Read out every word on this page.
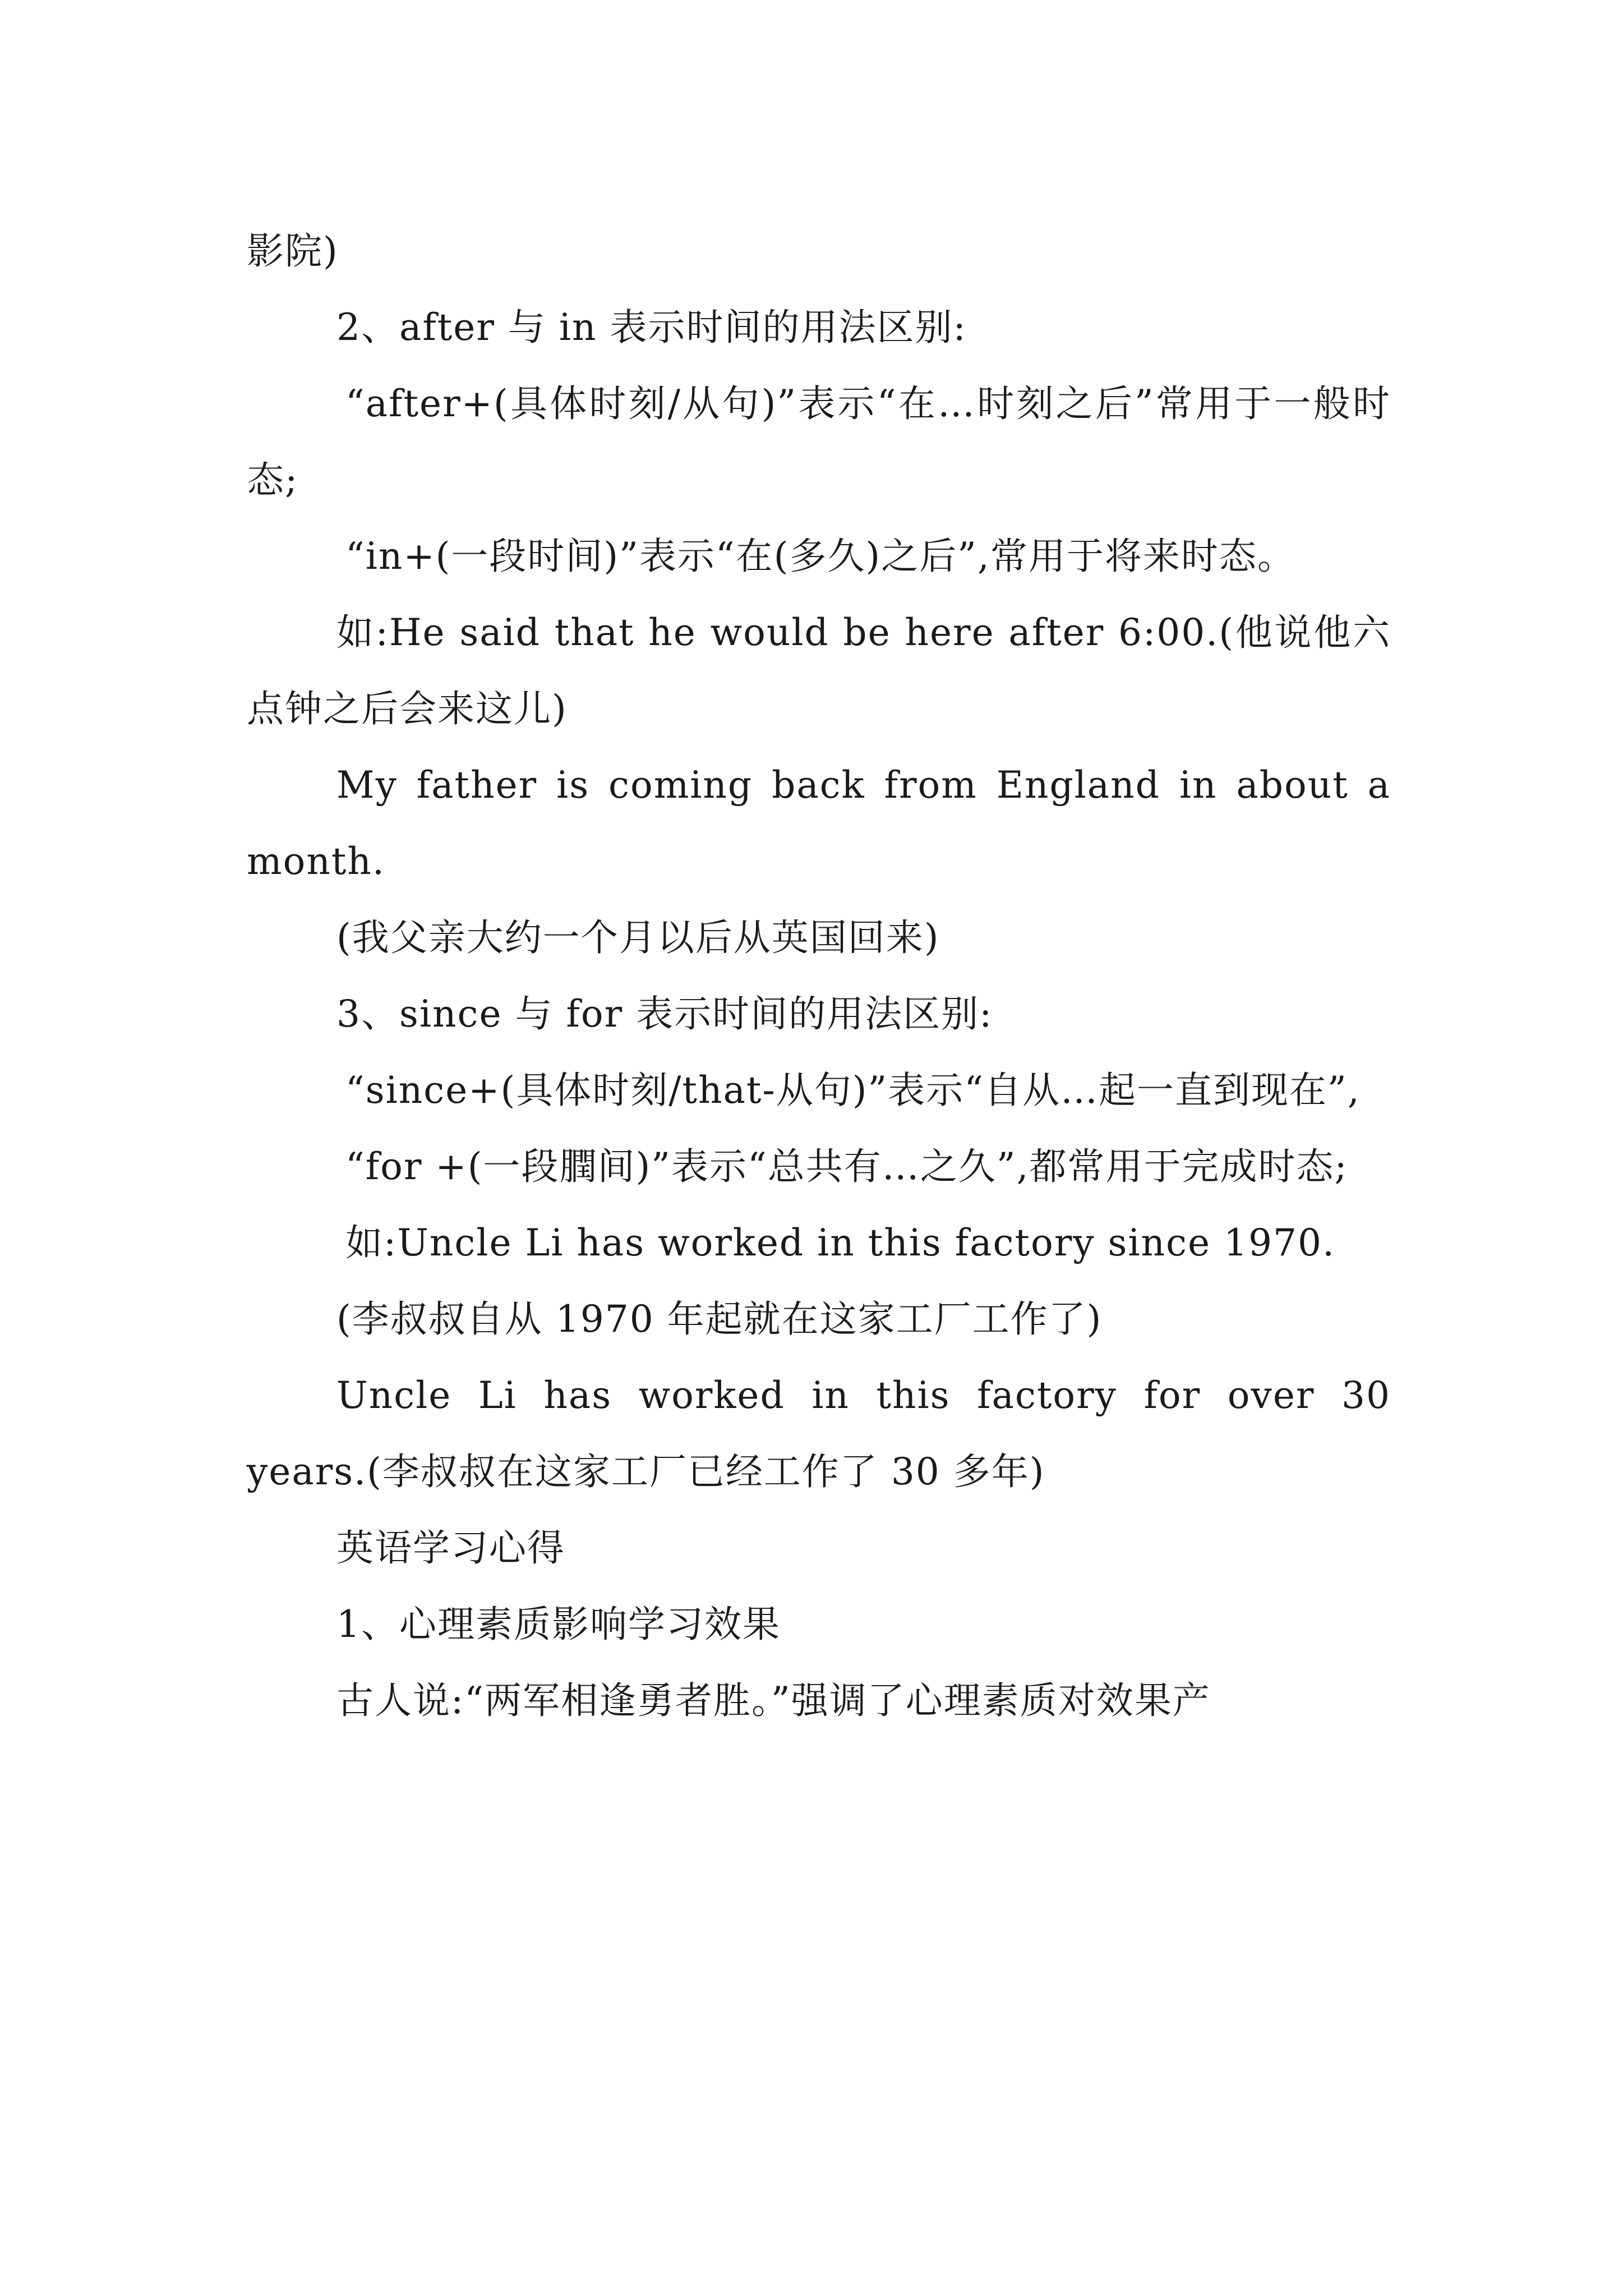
影院)

2、after 与 in 表示时间的用法区别:

“after+(具体时刻/从句)”表示“在…时刻之后”常用于一般时态;

“in+(一段时间)”表示“在(多久)之后”,常用于将来时态。

如:He said that he would be here after 6:00.(他说他六点钟之后会来这儿)

My father is coming back from England in about a month.

(我父亲大约一个月以后从英国回来)

3、since 与 for 表示时间的用法区别:

“since+(具体时刻/that-从句)”表示“自从…起一直到现在”,

“for +(一段膶间)”表示“总共有…之久”,都常用于完成时态;

如:Uncle Li has worked in this factory since 1970.

(李叔叔自从 1970 年起就在这家工厂工作了)

Uncle Li has worked in this factory for over 30 years.(李叔叔在这家工厂已经工作了 30 多年)

英语学习心得

1、心理素质影响学习效果

古人说:“两军相逢勇者胜。”强调了心理素质对效果产
